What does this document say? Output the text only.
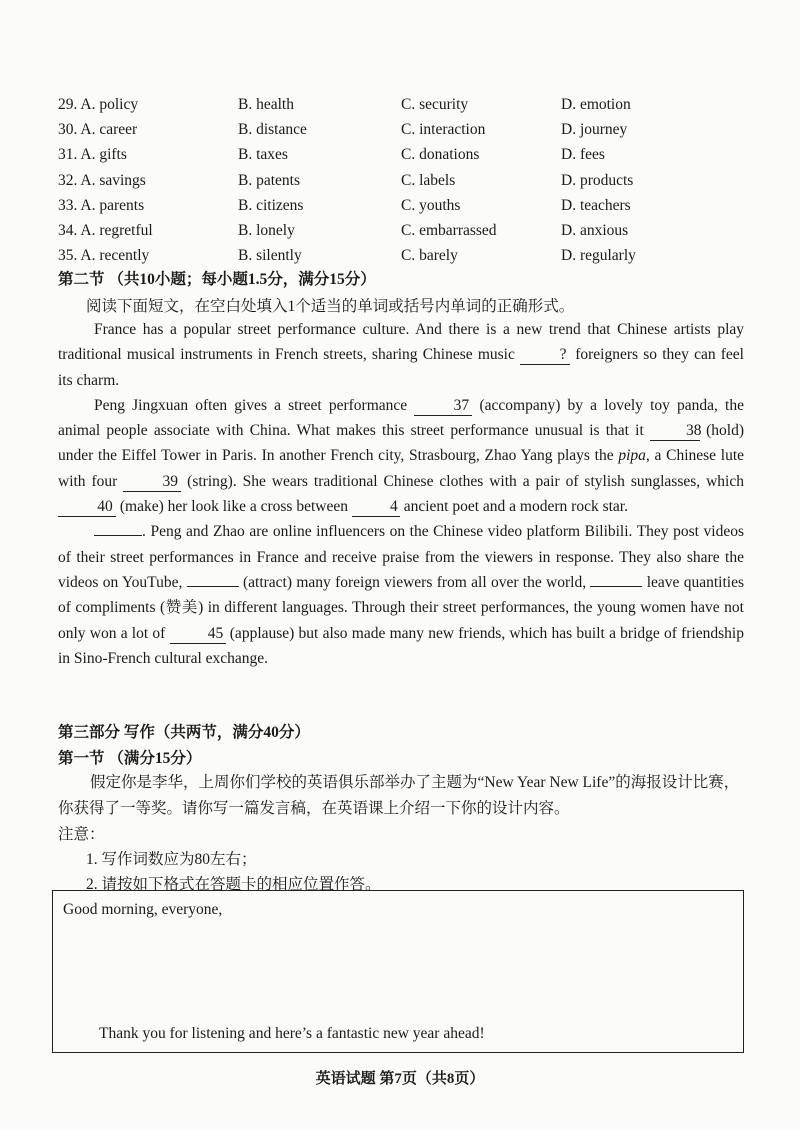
29. A. policy	B. health	C. security	D. emotion
30. A. career	B. distance	C. interaction	D. journey
31. A. gifts	B. taxes	C. donations	D. fees
32. A. savings	B. patents	C. labels	D. products
33. A. parents	B. citizens	C. youths	D. teachers
34. A. regretful	B. lonely	C. embarrassed	D. anxious
35. A. recently	B. silently	C. barely	D. regularly
第二节 （共10小题；每小题1.5分，满分15分）
阅读下面短文，在空白处填入1个适当的单词或括号内单词的正确形式。

France has a popular street performance culture. And there is a new trend that Chinese artists play traditional musical instruments in French streets, sharing Chinese music	? foreigners so they can feel its charm.

Peng Jingxuan often gives a street performance	37 (accompany) by a lovely toy panda, the animal people associate with China. What makes this street performance unusual is that it 38 (hold) under the Eiffel Tower in Paris. In another French city, Strasbourg, Zhao Yang plays the pipa, a Chinese lute with four	39 (string). She wears traditional Chinese clothes with a pair of stylish sunglasses, which 40 (make) her look like a cross between 4 ancient poet and a modern rock star.

. Peng and Zhao are online influencers on the Chinese video platform Bilibili. They post videos of their street performances in France and receive praise from the viewers in response. They also share the videos on YouTube,	(attract) many foreign viewers from all over the world,	leave quantities of compliments (赞美) in different languages. Through their street performances, the young women have not only won a lot of 45 (applause) but also made many new friends, which has built a bridge of friendship in Sino-French cultural exchange.

第三部分 写作（共两节，满分40分）
第一节 （满分15分）

假定你是李华，上周你们学校的英语俱乐部举办了主题为“New Year New Life”的海报设计比赛，你获得了一等奖。请你写一篇发言稿，在英语课上介绍一下你的设计内容。

注意：
1. 写作词数应为80左右；
2. 请按如下格式在答题卡的相应位置作答。
Good morning, everyone,
Thank you for listening and here’s a fantastic new year ahead!
英语试题 第7页（共8页）
